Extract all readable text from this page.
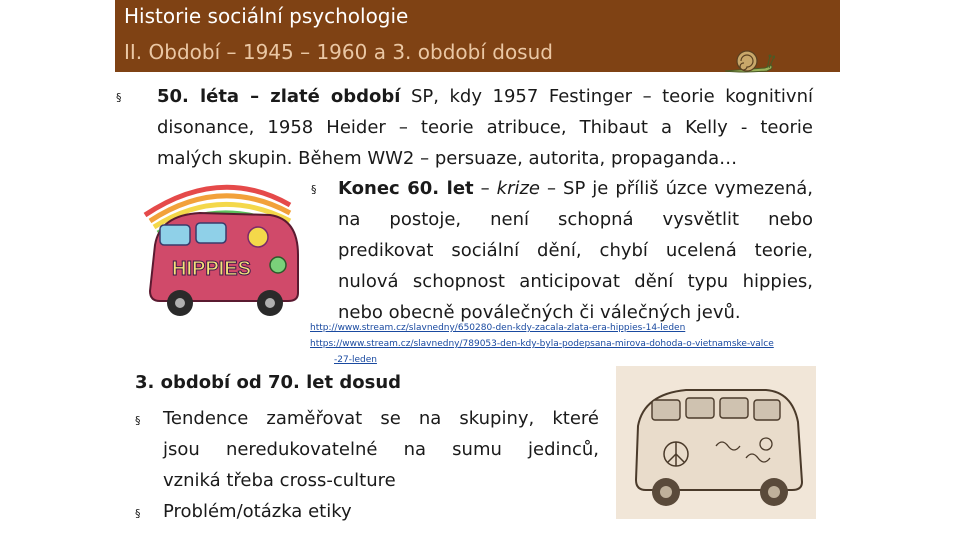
Historie sociální psychologie
II. Období – 1945 – 1960 a 3. období dosud
§ 50. léta – zlaté období SP, kdy 1957 Festinger – teorie kognitivní
disonance, 1958 Heider – teorie atribuce, Thibaut a Kelly - teorie
malých skupin. Během WW2 – persuaze, autorita, propaganda…
HIPPIES
§ Konec 60. let – krize – SP je příliš úzce vymezená,
na postoje, není schopná vysvětlit nebo
predikovat sociální dění, chybí ucelená teorie,
nulová schopnost anticipovat dění typu hippies,
nebo obecně poválečných či válečných jevů.
http://www.stream.cz/slavnedny/650280-den-kdy-zacala-zlata-era-hippies-14-leden
https://www.stream.cz/slavnedny/789053-den-kdy-byla-podepsana-mirova-dohoda-o-vietnamske-valce
-27-leden
3. období od 70. let dosud
§ Tendence zaměřovat se na skupiny, které
jsou neredukovatelné na sumu jedinců,
vzniká třeba cross-culture
§ Problém/otázka etiky
